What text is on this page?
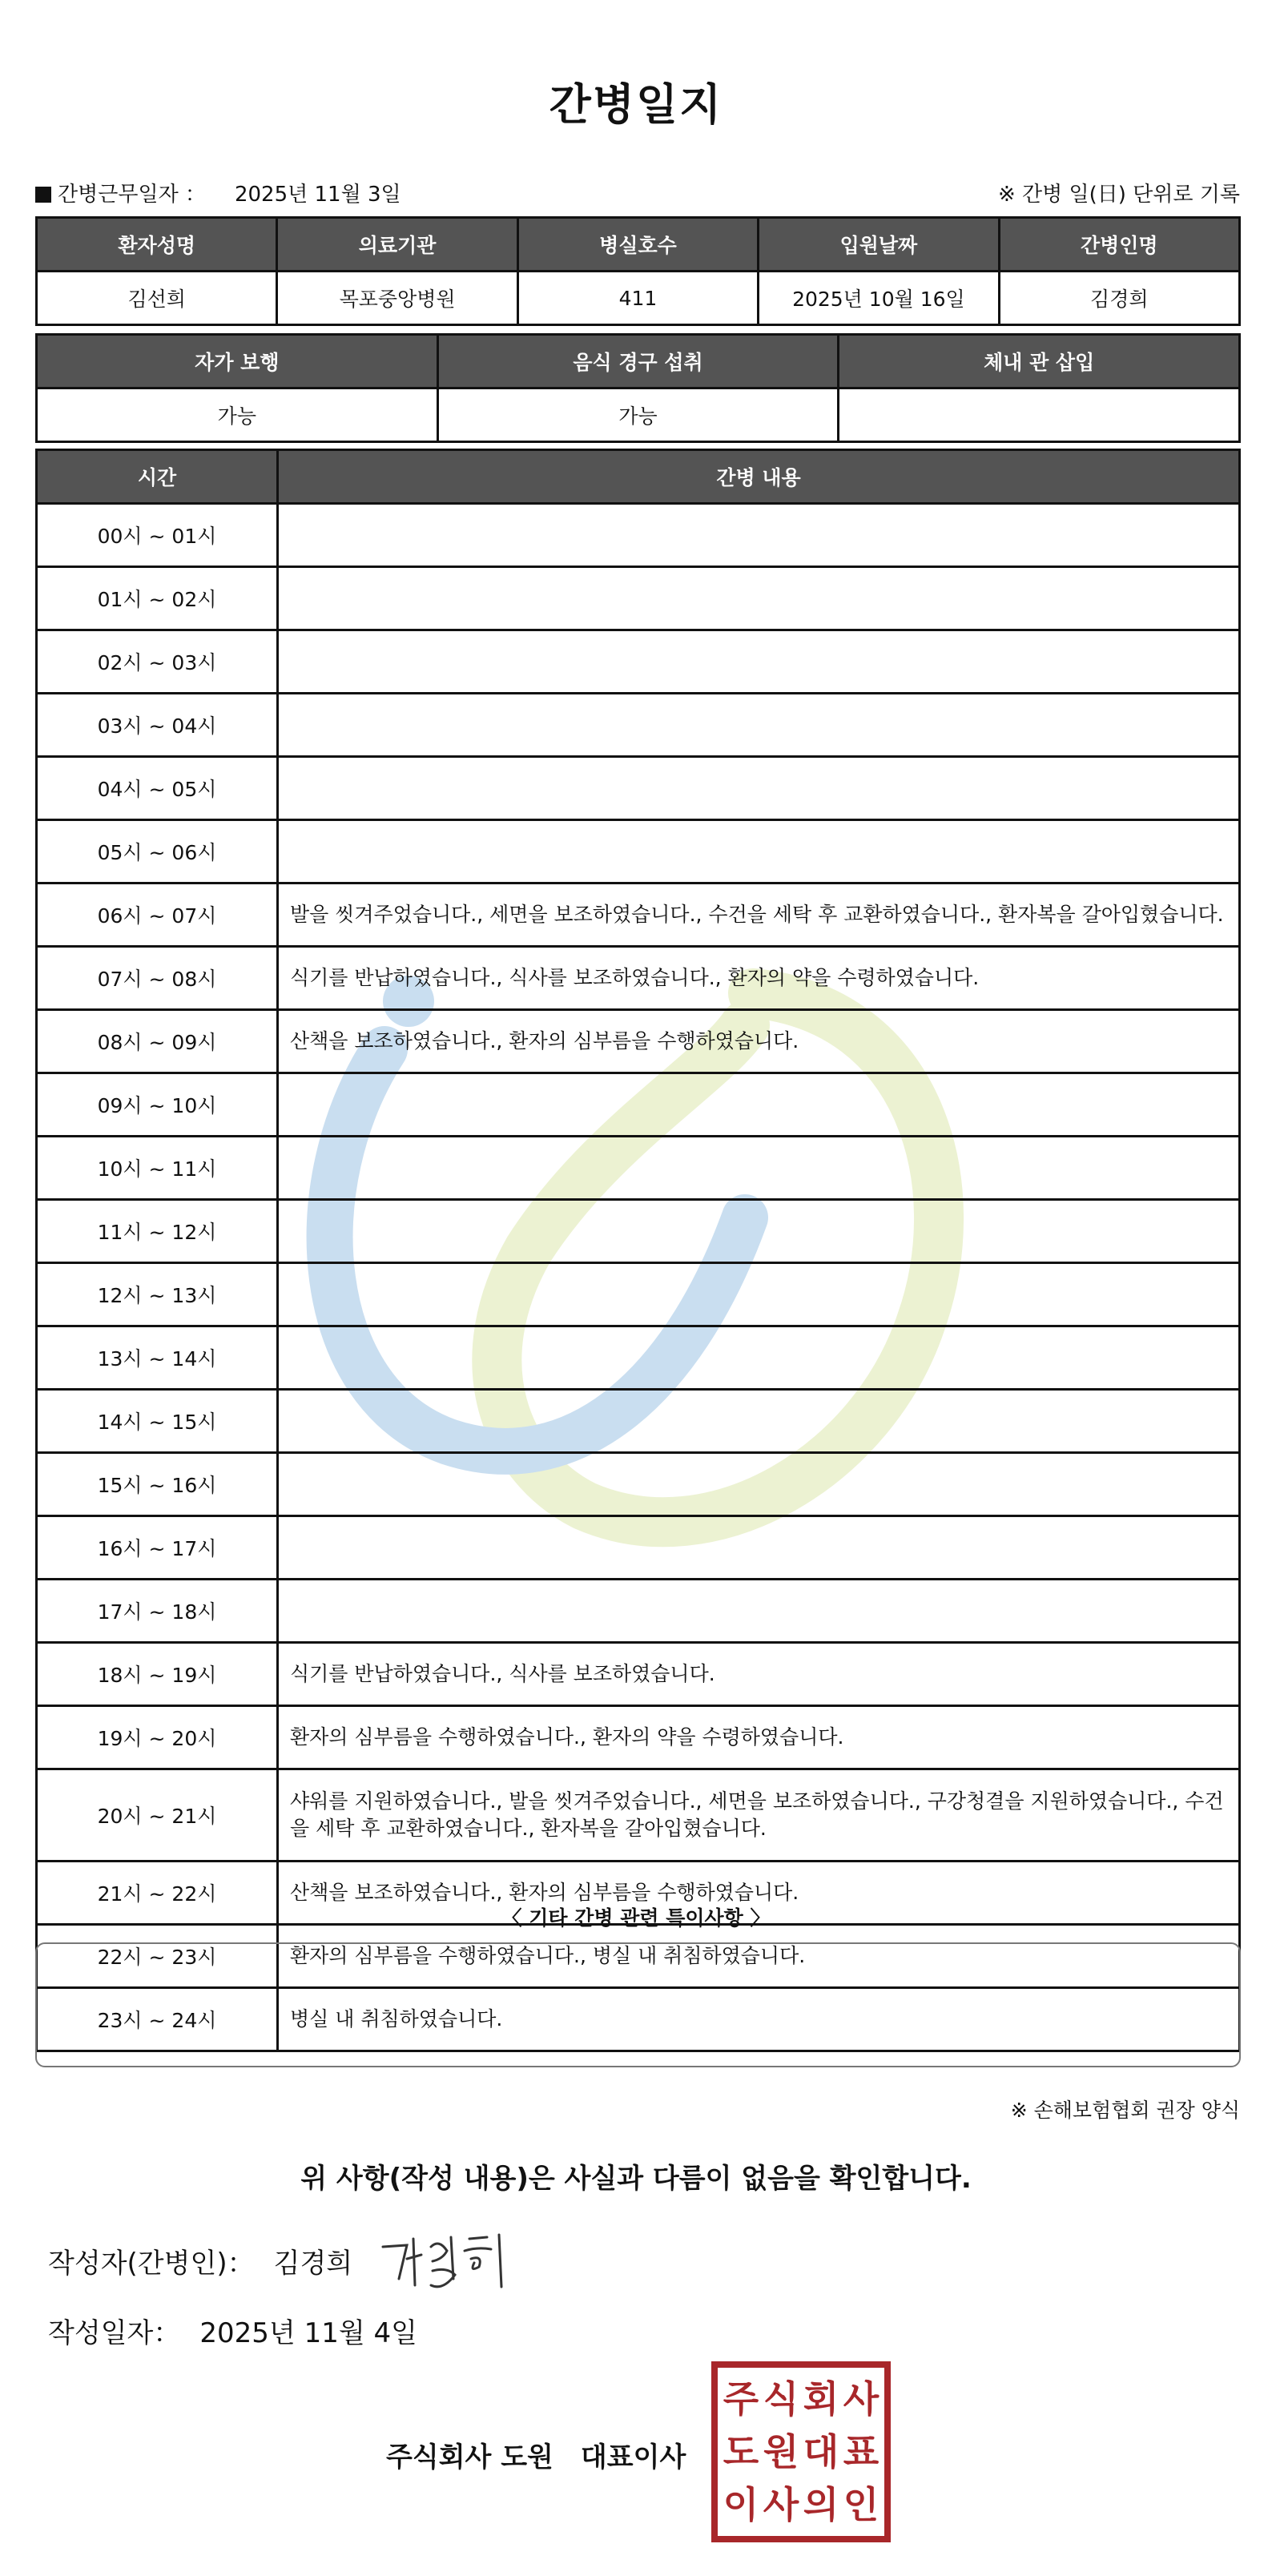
간병일지
간병근무일자 ： 2025년 11월 3일	※ 간병 일(日) 단위로 기록
환자성명	의료기관	병실호수	입원날짜	간병인명
김선희	목포중앙병원	411	2025년 10월 16일	김경희
자가 보행	음식 경구 섭취	체내 관 삽입
가능	가능	
시간	간병 내용
00시 ~ 01시	
01시 ~ 02시	
02시 ~ 03시	
03시 ~ 04시	
04시 ~ 05시	
05시 ~ 06시	
06시 ~ 07시	발을 씻겨주었습니다., 세면을 보조하였습니다., 수건을 세탁 후 교환하였습니다., 환자복을 갈아입혔습니다.
07시 ~ 08시	식기를 반납하였습니다., 식사를 보조하였습니다., 환자의 약을 수령하였습니다.
08시 ~ 09시	산책을 보조하였습니다., 환자의 심부름을 수행하였습니다.
09시 ~ 10시	
10시 ~ 11시	
11시 ~ 12시	
12시 ~ 13시	
13시 ~ 14시	
14시 ~ 15시	
15시 ~ 16시	
16시 ~ 17시	
17시 ~ 18시	
18시 ~ 19시	식기를 반납하였습니다., 식사를 보조하였습니다.
19시 ~ 20시	환자의 심부름을 수행하였습니다., 환자의 약을 수령하였습니다.
20시 ~ 21시	샤워를 지원하였습니다., 발을 씻겨주었습니다., 세면을 보조하였습니다., 구강청결을 지원하였습니다., 수건을 세탁 후 교환하였습니다., 환자복을 갈아입혔습니다.
21시 ~ 22시	산책을 보조하였습니다., 환자의 심부름을 수행하였습니다.
22시 ~ 23시	환자의 심부름을 수행하였습니다., 병실 내 취침하였습니다.
23시 ~ 24시	병실 내 취침하였습니다.
〈 기타 간병 관련 특이사항 〉
※ 손해보험협회 권장 양식
위 사항(작성 내용)은 사실과 다름이 없음을 확인합니다.
작성자(간병인)： 김경희
작성일자： 2025년 11월 4일
주식회사 도원 대표이사
주 식 회 사
도 원 대 표
이 사 의 인
